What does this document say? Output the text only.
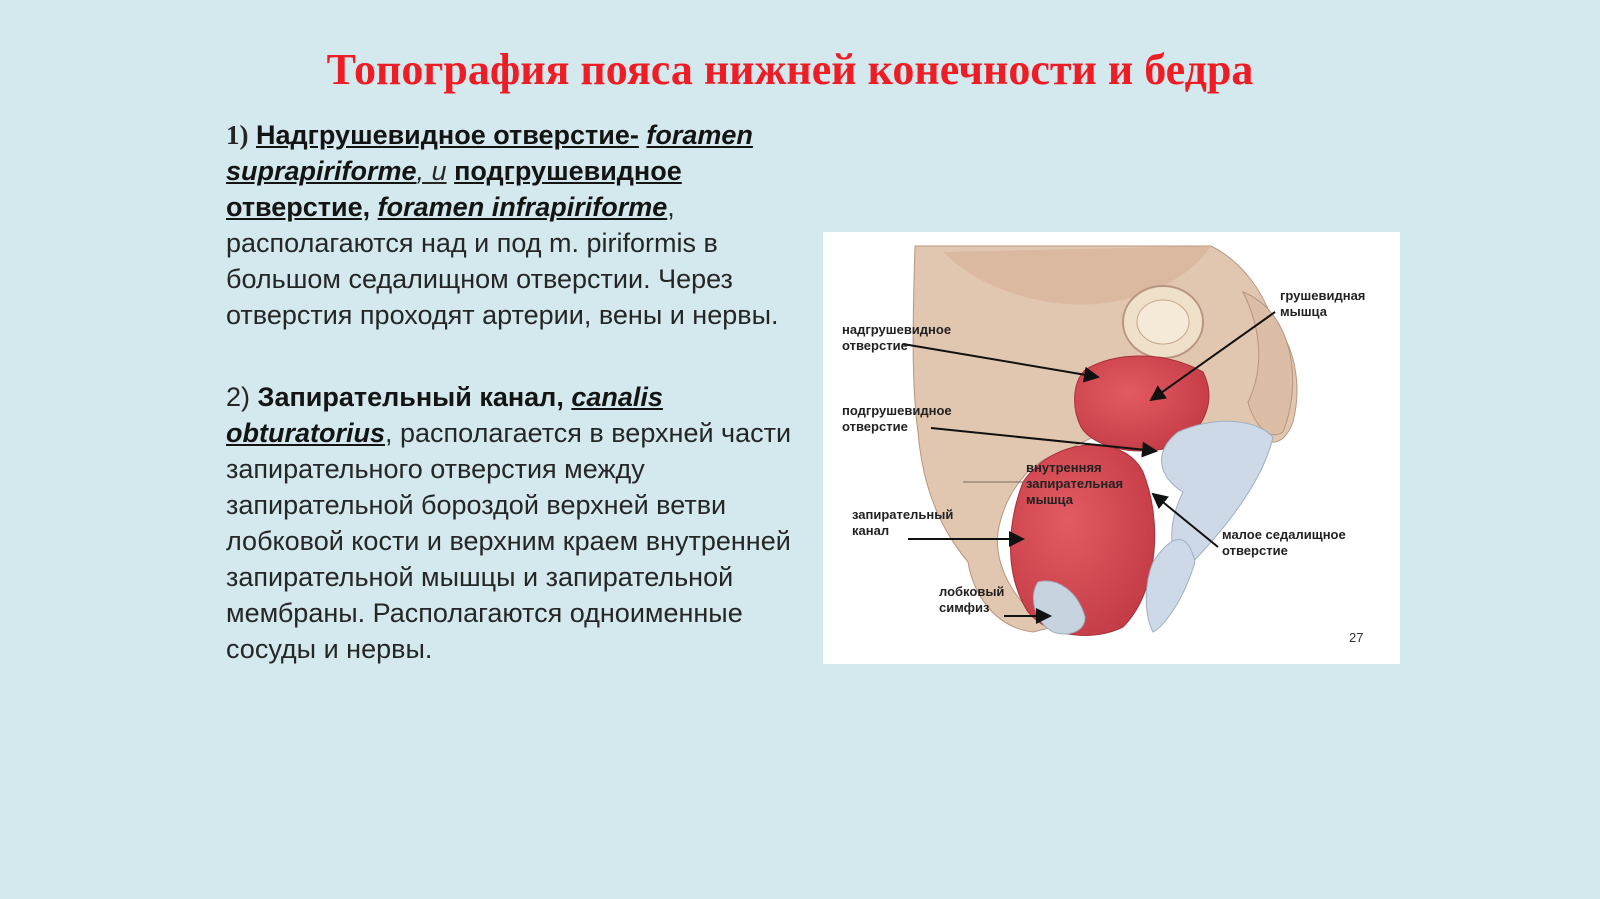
Топография пояса нижней конечности и бедра

1) Надгрушевидное отверстие- foramen suprapiriforme, и подгрушевидное отверстие, foramen infrapiriforme, располагаются над и под m. piriformis в большом седалищном отверстии. Через отверстия проходят артерии, вены и нервы.

2) Запирательный канал, canalis obturatorius, располагается в верхней части запирательного отверстия между запирательной бороздой верхней ветви лобковой кости и верхним краем внутренней запирательной мышцы и запирательной мембраны. Располагаются одноименные сосуды и нервы.

грушевидная
мышца

надгрушевидное
отверстие

подгрушевидное
отверстие

внутренняя
запирательная
мышца

запирательный
канал	малое седалищное
отверстие

лобковый
симфиз

27
